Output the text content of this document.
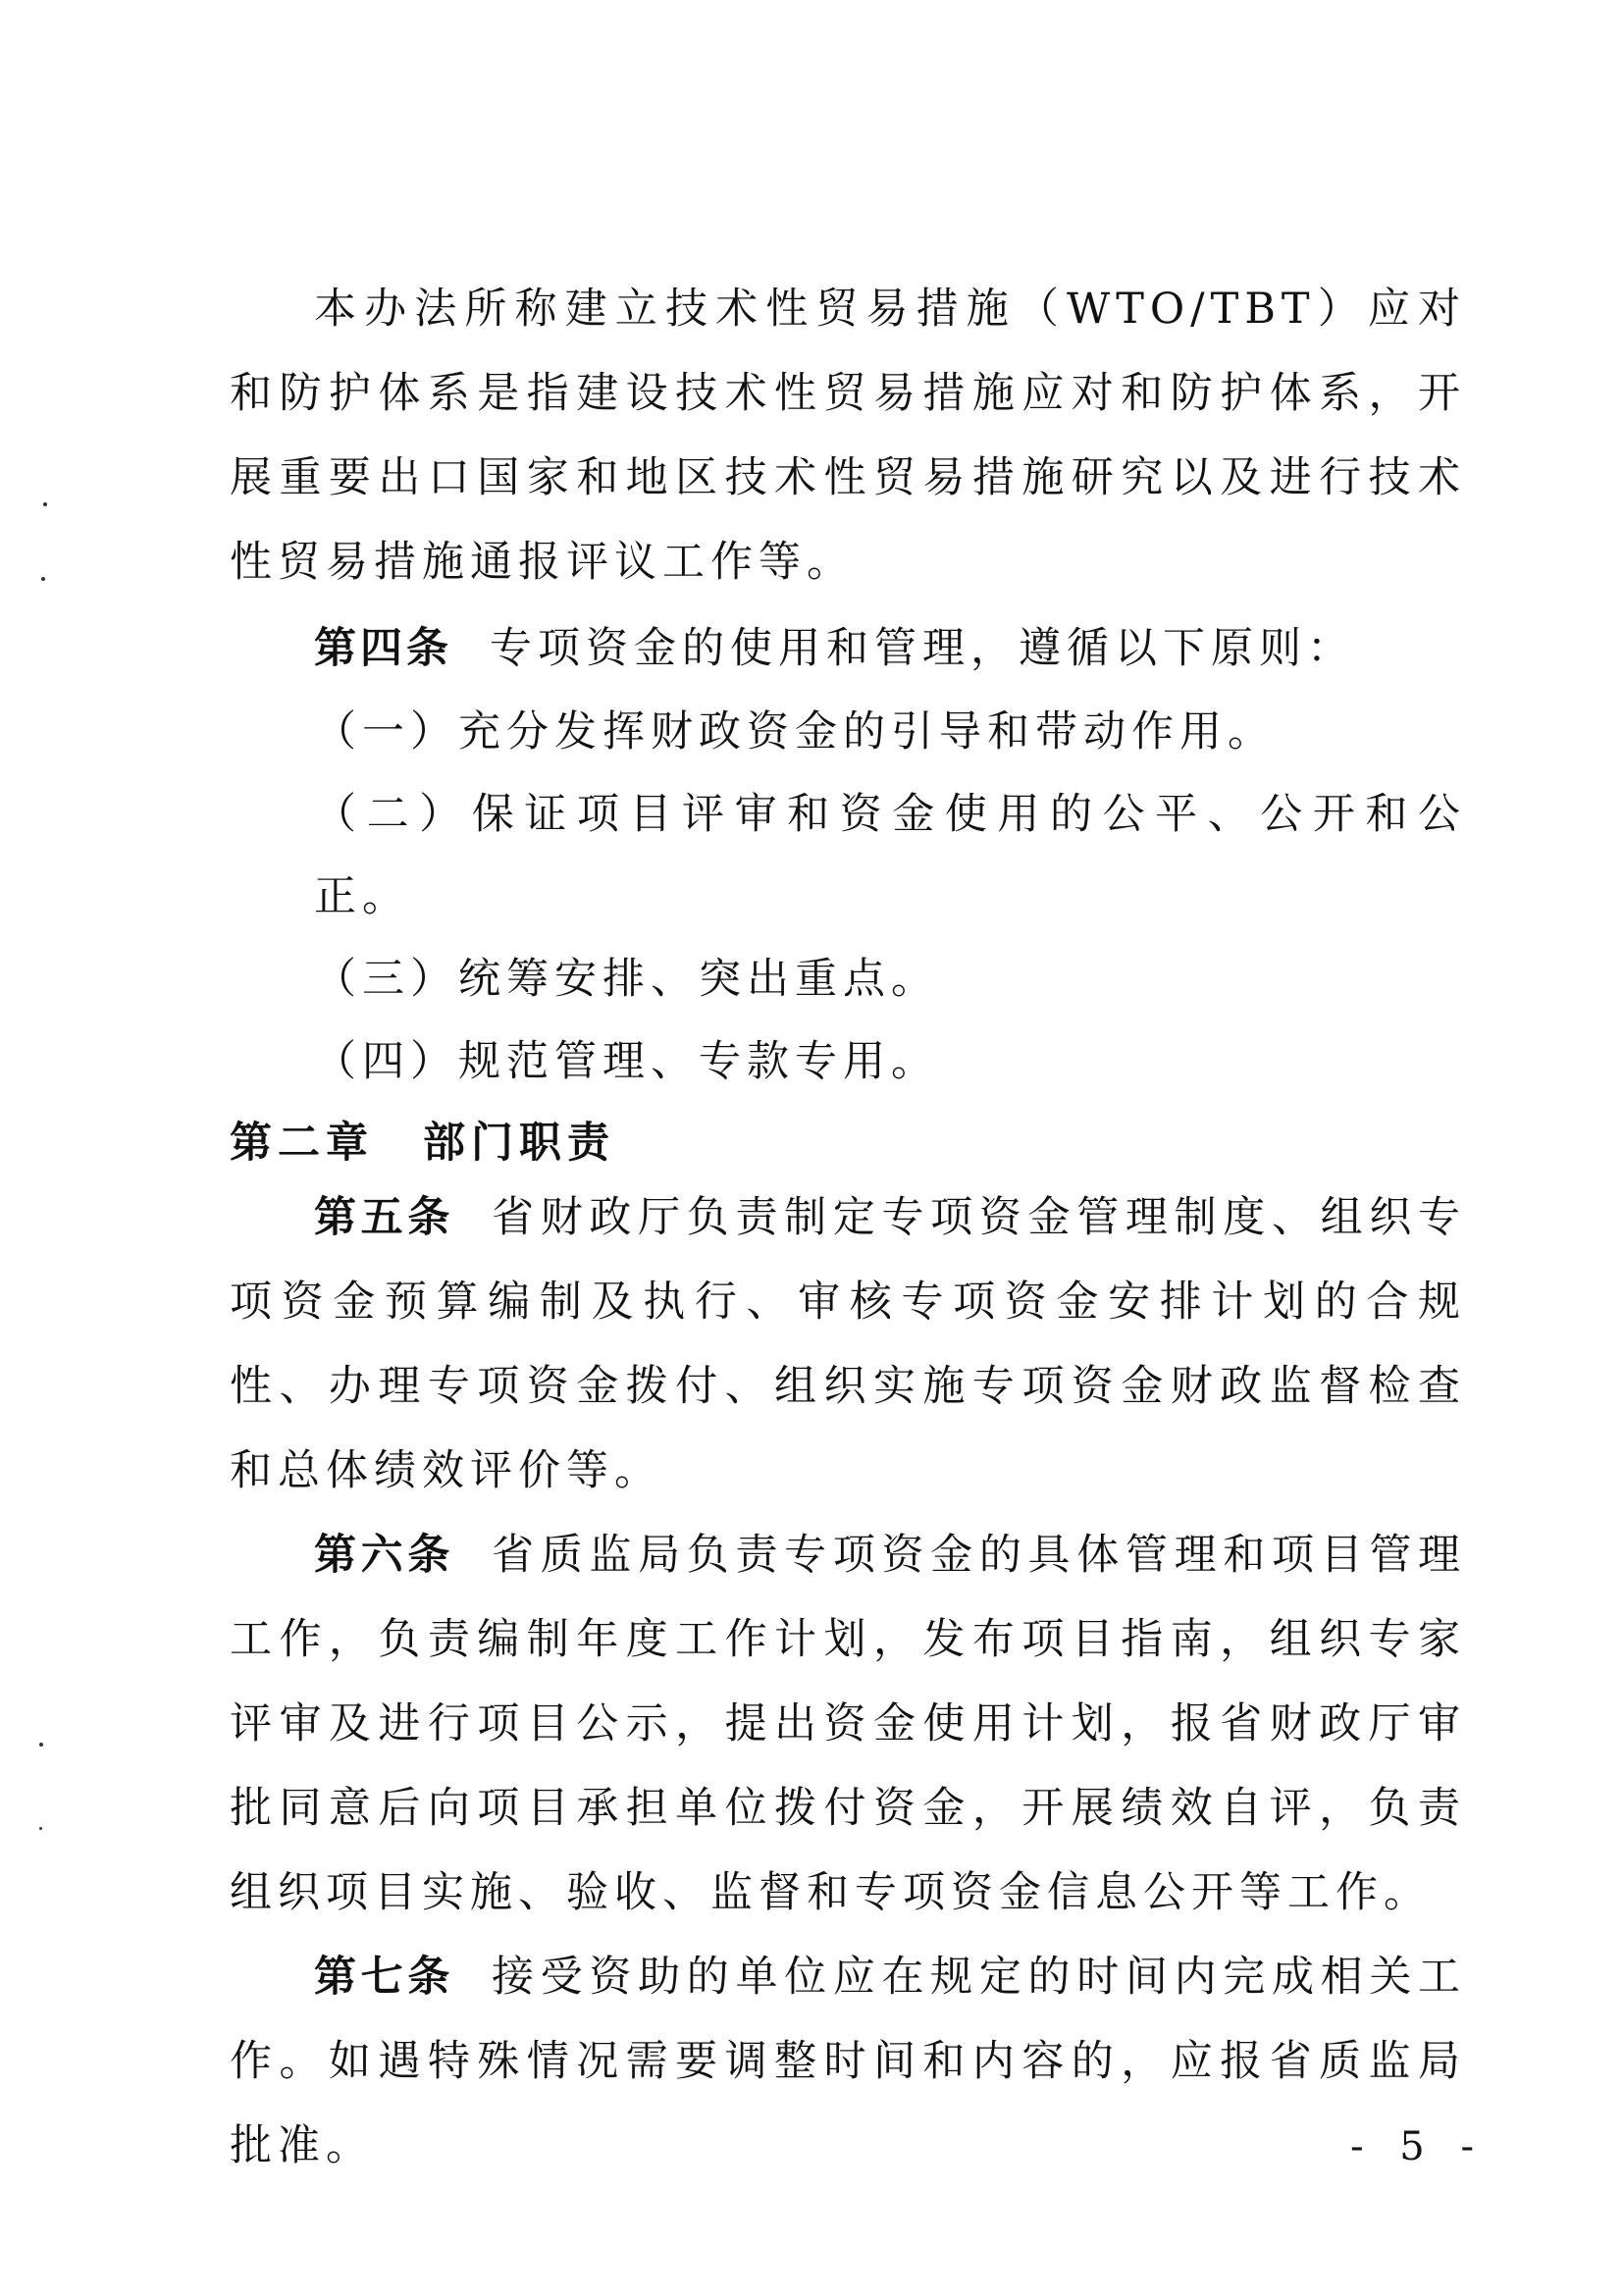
本办法所称建立技术性贸易措施（WTO/TBT）应对和防护体系是指建设技术性贸易措施应对和防护体系，开展重要出口国家和地区技术性贸易措施研究以及进行技术性贸易措施通报评议工作等。

第四条 专项资金的使用和管理，遵循以下原则：

（一）充分发挥财政资金的引导和带动作用。

（二）保证项目评审和资金使用的公平、公开和公正。

（三）统筹安排、突出重点。

（四）规范管理、专款专用。

第二章 部门职责

第五条 省财政厅负责制定专项资金管理制度、组织专项资金预算编制及执行、审核专项资金安排计划的合规性、办理专项资金拨付、组织实施专项资金财政监督检查和总体绩效评价等。

第六条 省质监局负责专项资金的具体管理和项目管理工作，负责编制年度工作计划，发布项目指南，组织专家评审及进行项目公示，提出资金使用计划，报省财政厅审批同意后向项目承担单位拨付资金，开展绩效自评，负责组织项目实施、验收、监督和专项资金信息公开等工作。

第七条 接受资助的单位应在规定的时间内完成相关工作。如遇特殊情况需要调整时间和内容的，应报省质监局批准。	- 5 -
